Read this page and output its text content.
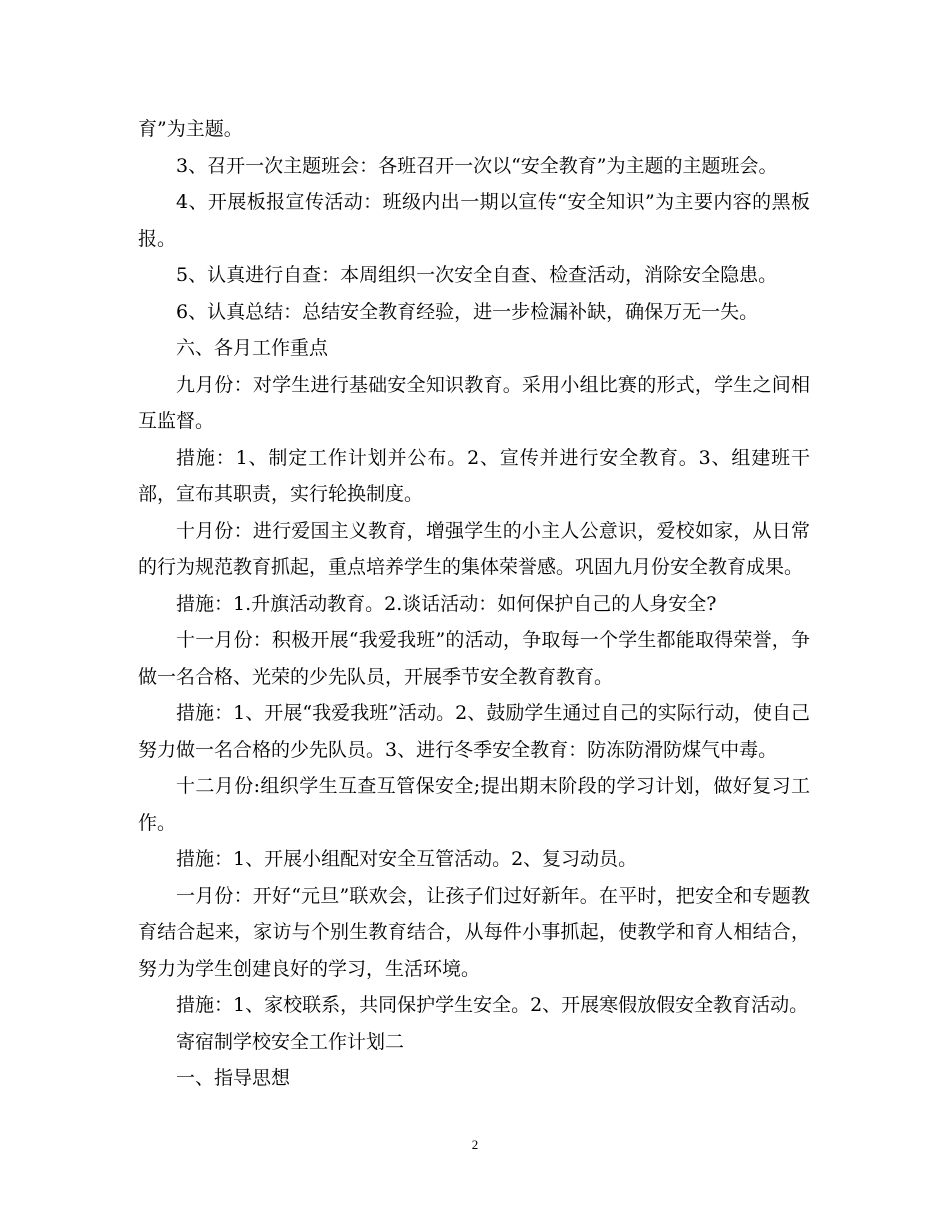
育”为主题。

3、召开一次主题班会：各班召开一次以“安全教育”为主题的主题班会。

4、开展板报宣传活动：班级内出一期以宣传“安全知识”为主要内容的黑板报。

5、认真进行自查：本周组织一次安全自查、检查活动，消除安全隐患。

6、认真总结：总结安全教育经验，进一步检漏补缺，确保万无一失。

六、各月工作重点

九月份：对学生进行基础安全知识教育。采用小组比赛的形式，学生之间相互监督。

措施：1、制定工作计划并公布。2、宣传并进行安全教育。3、组建班干部，宣布其职责，实行轮换制度。

十月份：进行爱国主义教育，增强学生的小主人公意识，爱校如家，从日常的行为规范教育抓起，重点培养学生的集体荣誉感。巩固九月份安全教育成果。

措施：1.升旗活动教育。2.谈话活动：如何保护自己的人身安全?

十一月份：积极开展“我爱我班”的活动，争取每一个学生都能取得荣誉，争做一名合格、光荣的少先队员，开展季节安全教育教育。

措施：1、开展“我爱我班”活动。2、鼓励学生通过自己的实际行动，使自己努力做一名合格的少先队员。3、进行冬季安全教育：防冻防滑防煤气中毒。

十二月份:组织学生互查互管保安全;提出期末阶段的学习计划，做好复习工作。

措施：1、开展小组配对安全互管活动。2、复习动员。

一月份：开好“元旦”联欢会，让孩子们过好新年。在平时，把安全和专题教育结合起来，家访与个别生教育结合，从每件小事抓起，使教学和育人相结合，努力为学生创建良好的学习，生活环境。

措施：1、家校联系，共同保护学生安全。2、开展寒假放假安全教育活动。

寄宿制学校安全工作计划二

一、指导思想

2
